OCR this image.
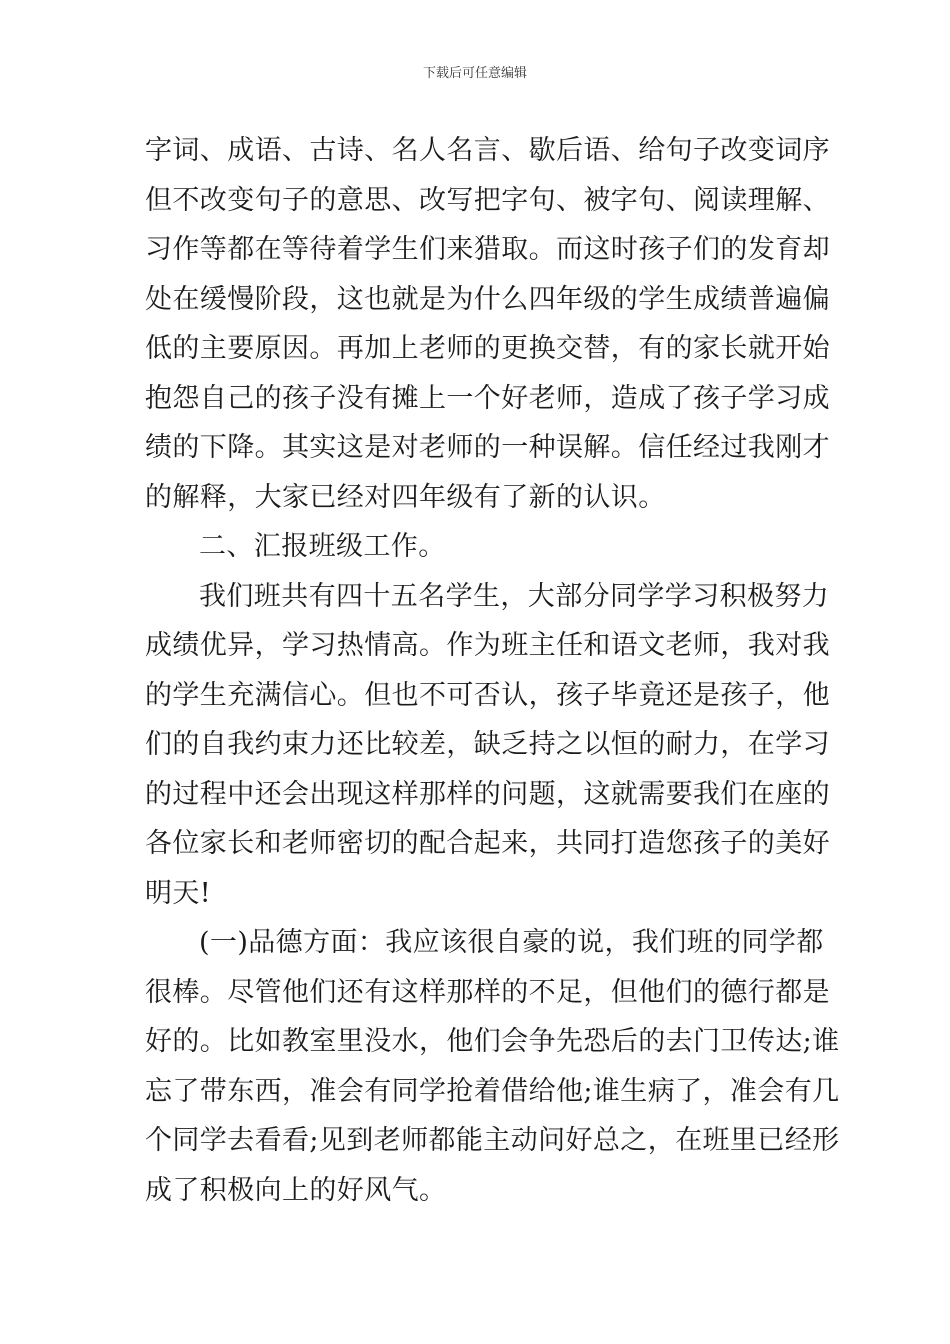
下载后可任意编辑
字词、成语、古诗、名人名言、歇后语、给句子改变词序
但不改变句子的意思、改写把字句、被字句、阅读理解、
习作等都在等待着学生们来猎取。而这时孩子们的发育却
处在缓慢阶段，这也就是为什么四年级的学生成绩普遍偏
低的主要原因。再加上老师的更换交替，有的家长就开始
抱怨自己的孩子没有摊上一个好老师，造成了孩子学习成
绩的下降。其实这是对老师的一种误解。信任经过我刚才
的解释，大家已经对四年级有了新的认识。
二、汇报班级工作。
我们班共有四十五名学生，大部分同学学习积极努力
成绩优异，学习热情高。作为班主任和语文老师，我对我
的学生充满信心。但也不可否认，孩子毕竟还是孩子，他
们的自我约束力还比较差，缺乏持之以恒的耐力，在学习
的过程中还会出现这样那样的问题，这就需要我们在座的
各位家长和老师密切的配合起来，共同打造您孩子的美好
明天!
(一)品德方面：我应该很自豪的说，我们班的同学都
很棒。尽管他们还有这样那样的不足，但他们的德行都是
好的。比如教室里没水，他们会争先恐后的去门卫传达;谁
忘了带东西，准会有同学抢着借给他;谁生病了，准会有几
个同学去看看;见到老师都能主动问好总之，在班里已经形
成了积极向上的好风气。
